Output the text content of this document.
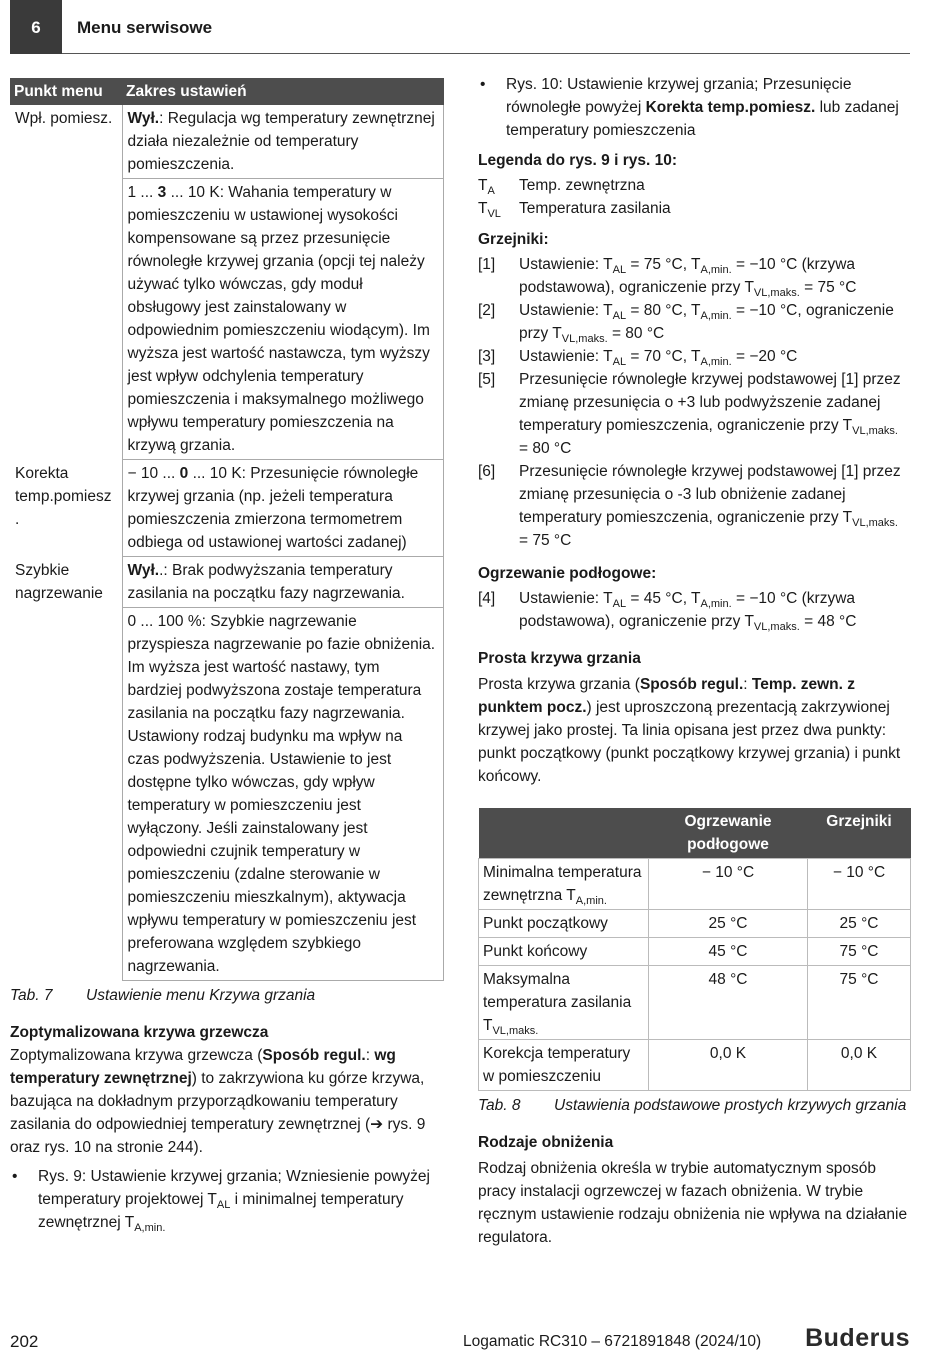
6	Menu serwisowe
Punkt menu	Zakres ustawień
Wpł. pomiesz.	Wył.: Regulacja wg temperatury zewnętrznej działa niezależnie od temperatury pomieszczenia.
	1 ... 3 ... 10 K: Wahania temperatury w pomieszczeniu w ustawionej wysokości kompensowane są przez przesunięcie równoległe krzywej grzania (opcji tej należy używać tylko wówczas, gdy moduł obsługowy jest zainstalowany w odpowiednim pomieszczeniu wiodącym). Im wyższa jest wartość nastawcza, tym wyższy jest wpływ odchylenia temperatury pomieszczenia i maksymalnego możliwego wpływu temperatury pomieszczenia na krzywą grzania.
Korekta temp.pomiesz .	− 10 ... 0 ... 10 K: Przesunięcie równoległe krzywej grzania (np. jeżeli temperatura pomieszczenia zmierzona termometrem odbiega od ustawionej wartości zadanej)
Szybkie nagrzewanie	Wył..: Brak podwyższania temperatury zasilania na początku fazy nagrzewania.
	0 ... 100 %: Szybkie nagrzewanie przyspiesza nagrzewanie po fazie obniżenia. Im wyższa jest wartość nastawy, tym bardziej podwyższona zostaje temperatura zasilania na początku fazy nagrzewania. Ustawiony rodzaj budynku ma wpływ na czas podwyższenia. Ustawienie to jest dostępne tylko wówczas, gdy wpływ temperatury w pomieszczeniu jest wyłączony. Jeśli zainstalowany jest odpowiedni czujnik temperatury w pomieszczeniu (zdalne sterowanie w pomieszczeniu mieszkalnym), aktywacja wpływu temperatury w pomieszczeniu jest preferowana względem szybkiego nagrzewania.
Tab. 7	Ustawienie menu Krzywa grzania
Zoptymalizowana krzywa grzewcza

Zoptymalizowana krzywa grzewcza (Sposób regul.: wg temperatury zewnętrznej) to zakrzywiona ku górze krzywa, bazująca na dokładnym przyporządkowaniu temperatury zasilania do odpowiedniej temperatury zewnętrznej (➔ rys. 9 oraz rys. 10 na stronie 244).

•	Rys. 9: Ustawienie krzywej grzania; Wzniesienie powyżej temperatury projektowej $T_{AL}$ i minimalnej temperatury zewnętrznej $T_{A,min.}$
•	Rys. 10: Ustawienie krzywej grzania; Przesunięcie równoległe powyżej Korekta temp.pomiesz. lub zadanej temperatury pomieszczenia
Legenda do rys. 9 i rys. 10:
$T_A$	Temp. zewnętrzna
$T_{VL}$	Temperatura zasilania
Grzejniki:
[1]	Ustawienie: $T_{AL} = 75$ °C, $T_{A,min.} = -10$ °C (krzywa podstawowa), ograniczenie przy $T_{VL,maks.} = 75$ °C
[2]	Ustawienie: $T_{AL} = 80$ °C, $T_{A,min.} = -10$ °C, ograniczenie przy $T_{VL,maks.} = 80$ °C
[3]	Ustawienie: $T_{AL} = 70$ °C, $T_{A,min.} = -20$ °C
[5]	Przesunięcie równoległe krzywej podstawowej [1] przez zmianę przesunięcia o +3 lub podwyższenie zadanej temperatury pomieszczenia, ograniczenie przy $T_{VL,maks.} = 80$ °C
[6]	Przesunięcie równoległe krzywej podstawowej [1] przez zmianę przesunięcia o -3 lub obniżenie zadanej temperatury pomieszczenia, ograniczenie przy $T_{VL,maks.} = 75$ °C
Ogrzewanie podłogowe:
[4]	Ustawienie: $T_{AL} = 45$ °C, $T_{A,min.} = -10$ °C (krzywa podstawowa), ograniczenie przy $T_{VL,maks.} = 48$ °C
Prosta krzywa grzania

Prosta krzywa grzania (Sposób regul.: Temp. zewn. z punktem pocz.) jest uproszczoną prezentacją zakrzywionej krzywej jako prostej. Ta linia opisana jest przez dwa punkty: punkt początkowy (punkt początkowy krzywej grzania) i punkt końcowy.

	Ogrzewanie podłogowe	Grzejniki
Minimalna temperatura zewnętrzna $T_{A,min.}$	− 10 °C	− 10 °C
Punkt początkowy	25 °C	25 °C
Punkt końcowy	45 °C	75 °C
Maksymalna temperatura zasilania $T_{VL,maks.}$	48 °C	75 °C
Korekcja temperatury w pomieszczeniu	0,0 K	0,0 K
Tab. 8	Ustawienia podstawowe prostych krzywych grzania
Rodzaje obniżenia

Rodzaj obniżenia określa w trybie automatycznym sposób pracy instalacji ogrzewczej w fazach obniżenia. W trybie ręcznym ustawienie rodzaju obniżenia nie wpływa na działanie regulatora.

202	Logamatic RC310 – 6721891848 (2024/10) Buderus
